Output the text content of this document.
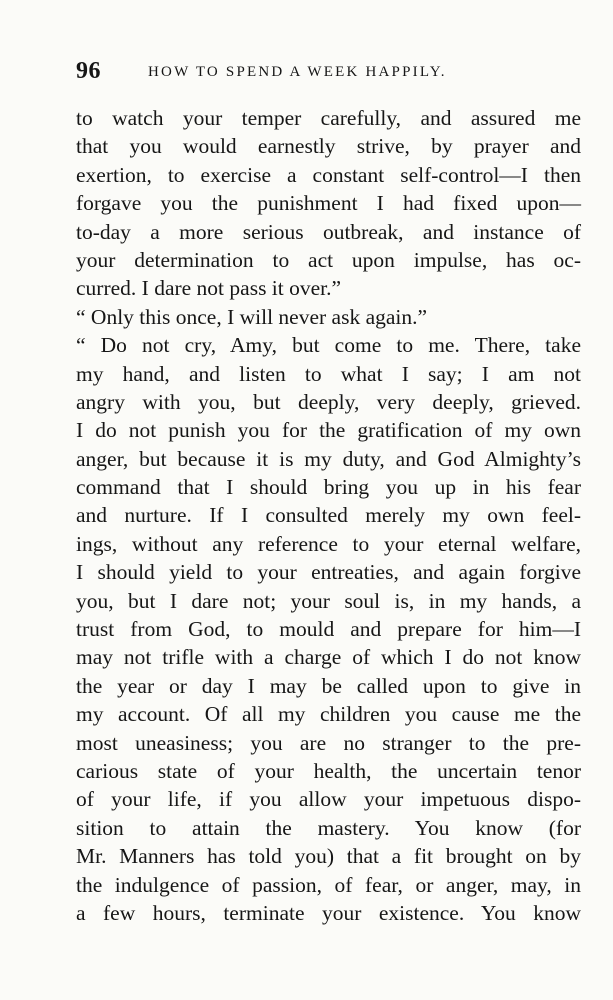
96	HOW TO SPEND A WEEK HAPPILY.
to watch your temper carefully, and assured me
that you would earnestly strive, by prayer and
exertion, to exercise a constant self-control—I then
forgave you the punishment I had fixed upon—
to-day a more serious outbreak, and instance of
your determination to act upon impulse, has oc-
curred. I dare not pass it over.”
“ Only this once, I will never ask again.”
“ Do not cry, Amy, but come to me. There, take
my hand, and listen to what I say; I am not
angry with you, but deeply, very deeply, grieved.
I do not punish you for the gratification of my own
anger, but because it is my duty, and God Almighty’s
command that I should bring you up in his fear
and nurture. If I consulted merely my own feel-
ings, without any reference to your eternal welfare,
I should yield to your entreaties, and again forgive
you, but I dare not; your soul is, in my hands, a
trust from God, to mould and prepare for him—I
may not trifle with a charge of which I do not know
the year or day I may be called upon to give in
my account. Of all my children you cause me the
most uneasiness; you are no stranger to the pre-
carious state of your health, the uncertain tenor
of your life, if you allow your impetuous dispo-
sition to attain the mastery. You know (for
Mr. Manners has told you) that a fit brought on by
the indulgence of passion, of fear, or anger, may, in
a few hours, terminate your existence. You know
